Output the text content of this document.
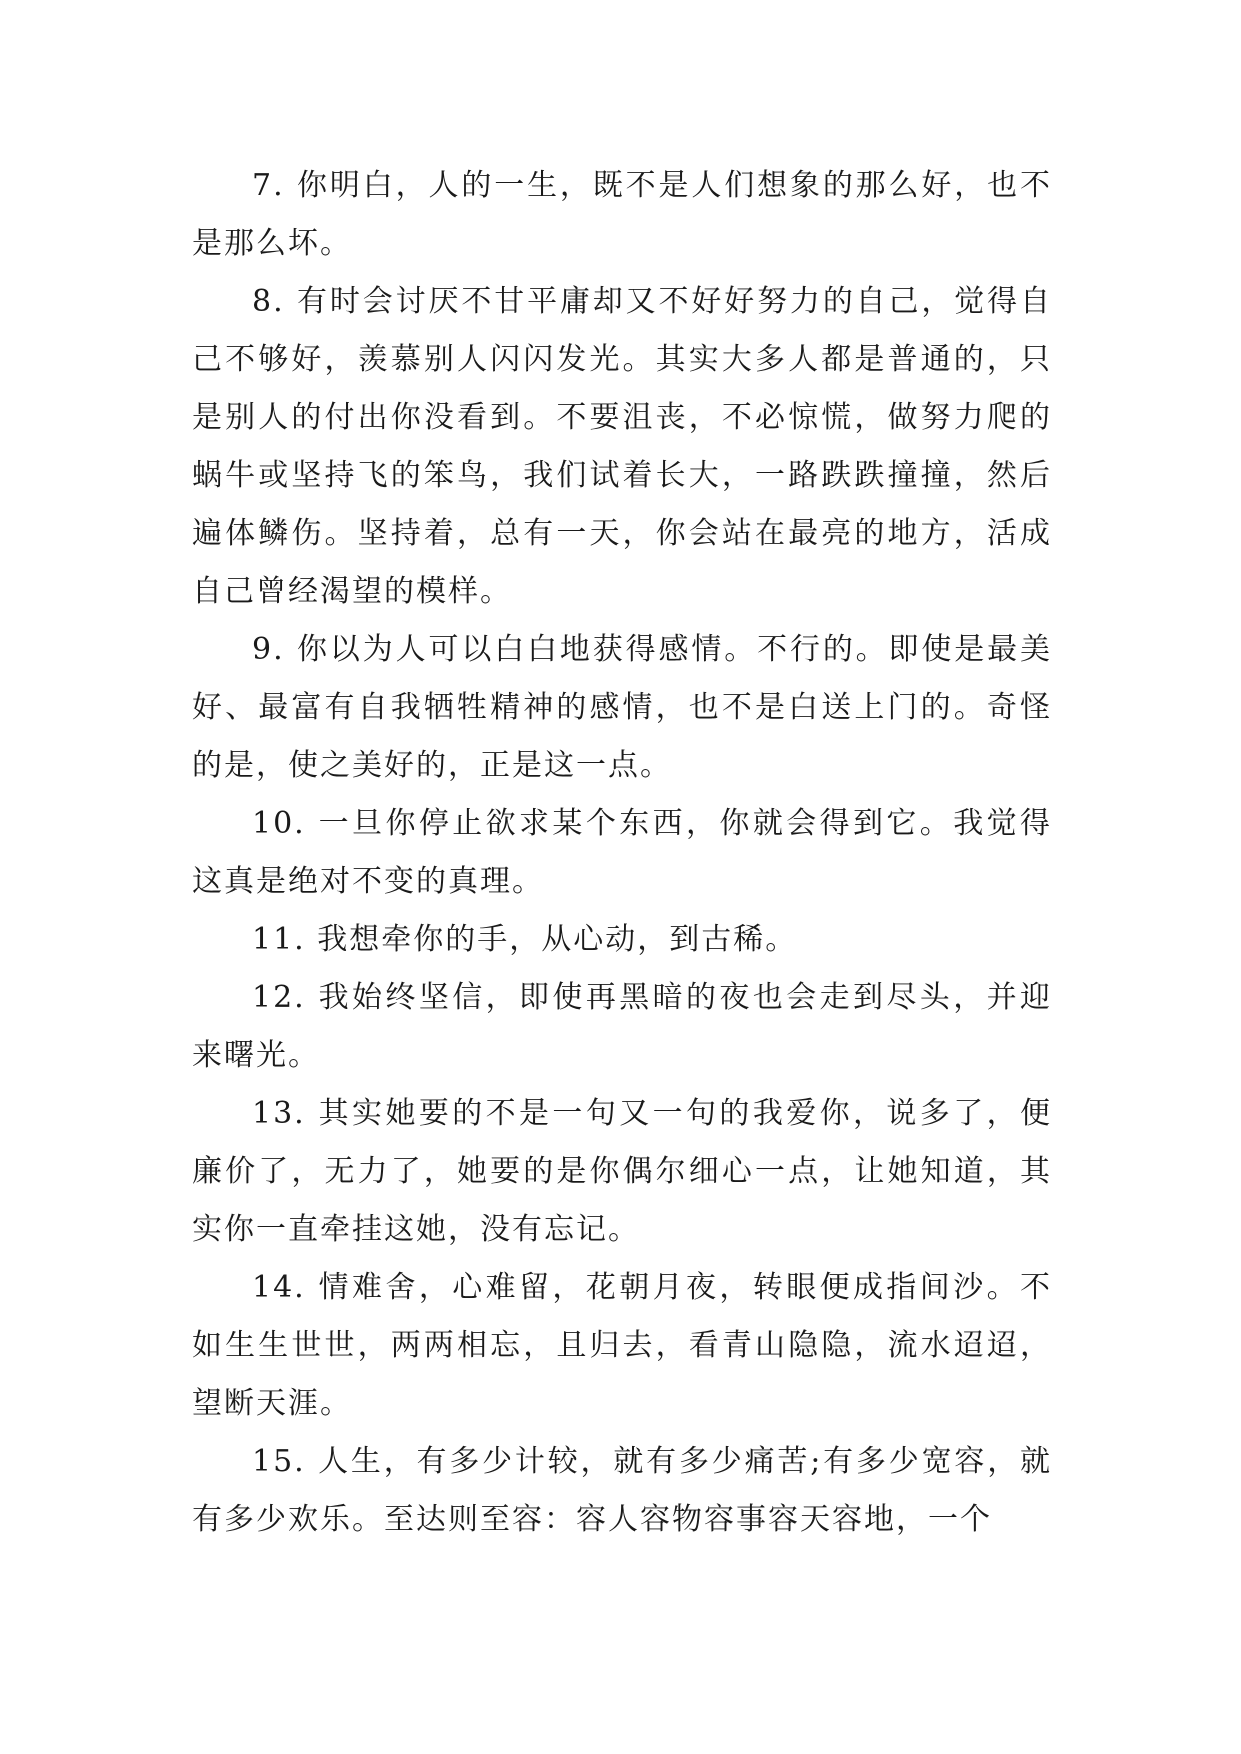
7. 你明白，人的一生，既不是人们想象的那么好，也不是那么坏。

8. 有时会讨厌不甘平庸却又不好好努力的自己，觉得自己不够好，羡慕别人闪闪发光。其实大多人都是普通的，只是别人的付出你没看到。不要沮丧，不必惊慌，做努力爬的蜗牛或坚持飞的笨鸟，我们试着长大，一路跌跌撞撞，然后遍体鳞伤。坚持着，总有一天，你会站在最亮的地方，活成自己曾经渴望的模样。

9. 你以为人可以白白地获得感情。不行的。即使是最美好、最富有自我牺牲精神的感情，也不是白送上门的。奇怪的是，使之美好的，正是这一点。

10. 一旦你停止欲求某个东西，你就会得到它。我觉得这真是绝对不变的真理。

11. 我想牵你的手，从心动，到古稀。

12. 我始终坚信，即使再黑暗的夜也会走到尽头，并迎来曙光。

13. 其实她要的不是一句又一句的我爱你，说多了，便廉价了，无力了，她要的是你偶尔细心一点，让她知道，其实你一直牵挂这她，没有忘记。

14. 情难舍，心难留，花朝月夜，转眼便成指间沙。不如生生世世，两两相忘，且归去，看青山隐隐，流水迢迢，望断天涯。

15. 人生，有多少计较，就有多少痛苦;有多少宽容，就有多少欢乐。至达则至容：容人容物容事容天容地，一个
